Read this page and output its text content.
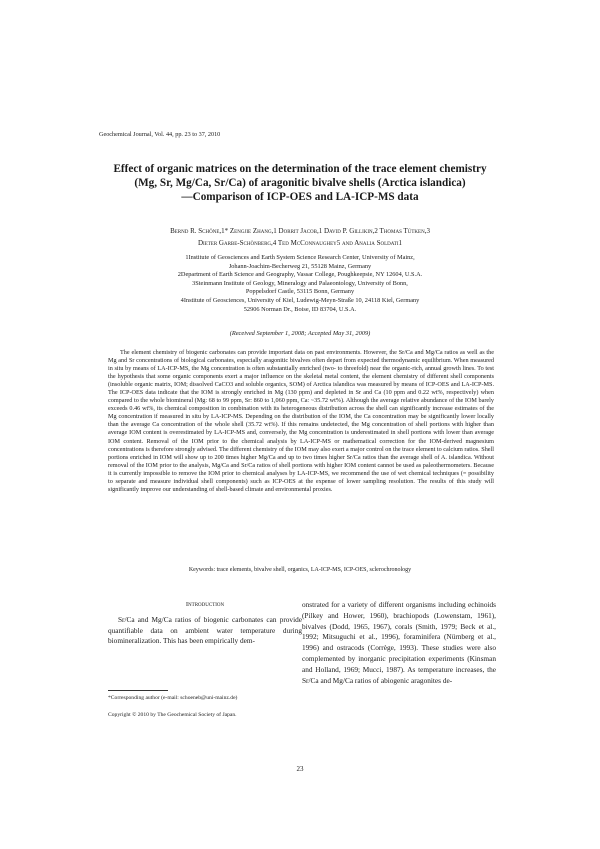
Geochemical Journal, Vol. 44, pp. 23 to 37, 2010
Effect of organic matrices on the determination of the trace element chemistry
(Mg, Sr, Mg/Ca, Sr/Ca) of aragonitic bivalve shells (Arctica islandica)
—Comparison of ICP-OES and LA-ICP-MS data
Bernd R. Schöne,1* Zengjie Zhang,1 Dorrit Jacob,1 David P. Gillikin,2 Thomas Tütken,3
Dieter Garbe-Schönberg,4 Ted McConnaughey5 and Analia Soldati1
1Institute of Geosciences and Earth System Science Research Center, University of Mainz,
Johann-Joachim-Becherweg 21, 55128 Mainz, Germany
2Department of Earth Science and Geography, Vassar College, Poughkeepsie, NY 12604, U.S.A.
3Steinmann Institute of Geology, Mineralogy and Palaeontology, University of Bonn,
Poppelsdorf Castle, 53115 Bonn, Germany
4Institute of Geosciences, University of Kiel, Ludewig-Meyn-Straße 10, 24118 Kiel, Germany
52906 Norman Dr., Boise, ID 83704, U.S.A.
(Received September 1, 2008; Accepted May 31, 2009)
The element chemistry of biogenic carbonates can provide important data on past environments. However, the Sr/Ca and Mg/Ca ratios as well as the Mg and Sr concentrations of biological carbonates, especially aragonitic bivalves often depart from expected thermodynamic equilibrium. When measured in situ by means of LA-ICP-MS, the Mg concentration is often substantially enriched (two- to threefold) near the organic-rich, annual growth lines. To test the hypothesis that some organic components exert a major influence on the skeletal metal content, the element chemistry of different shell components (insoluble organic matrix, IOM; dissolved CaCO3 and soluble organics, SOM) of Arctica islandica was measured by means of ICP-OES and LA-ICP-MS. The ICP-OES data indicate that the IOM is strongly enriched in Mg (130 ppm) and depleted in Sr and Ca (10 ppm and 0.22 wt%, respectively) when compared to the whole biomineral (Mg: 68 to 99 ppm, Sr: 860 to 1,060 ppm, Ca: ~35.72 wt%). Although the average relative abundance of the IOM barely exceeds 0.46 wt%, its chemical composition in combination with its heterogeneous distribution across the shell can significantly increase estimates of the Mg concentration if measured in situ by LA-ICP-MS. Depending on the distribution of the IOM, the Ca concentration may be significantly lower locally than the average Ca concentration of the whole shell (35.72 wt%). If this remains undetected, the Mg concentration of shell portions with higher than average IOM content is overestimated by LA-ICP-MS and, conversely, the Mg concentration is underestimated in shell portions with lower than average IOM content. Removal of the IOM prior to the chemical analysis by LA-ICP-MS or mathematical correction for the IOM-derived magnesium concentrations is therefore strongly advised. The different chemistry of the IOM may also exert a major control on the trace element to calcium ratios. Shell portions enriched in IOM will show up to 200 times higher Mg/Ca and up to two times higher Sr/Ca ratios than the average shell of A. islandica. Without removal of the IOM prior to the analysis, Mg/Ca and Sr/Ca ratios of shell portions with higher IOM content cannot be used as paleothermometers. Because it is currently impossible to remove the IOM prior to chemical analyses by LA-ICP-MS, we recommend the use of wet chemical techniques (= possibility to separate and measure individual shell components) such as ICP-OES at the expense of lower sampling resolution. The results of this study will significantly improve our understanding of shell-based climate and environmental proxies.
Keywords: trace elements, bivalve shell, organics, LA-ICP-MS, ICP-OES, sclerochronology
Introduction
Sr/Ca and Mg/Ca ratios of biogenic carbonates can provide quantifiable data on ambient water temperature during biomineralization. This has been empirically dem-
onstrated for a variety of different organisms including echinoids (Pilkey and Hower, 1960), brachiopods (Lowenstam, 1961), bivalves (Dodd, 1965, 1967), corals (Smith, 1979; Beck et al., 1992; Mitsuguchi et al., 1996), foraminifera (Nürnberg et al., 1996) and ostracods (Corrège, 1993). These studies were also complemented by inorganic precipitation experiments (Kinsman and Holland, 1969; Mucci, 1987). As temperature increases, the Sr/Ca and Mg/Ca ratios of abiogenic aragonites de-
*Corresponding author (e-mail: schoeneb@uni-mainz.de)
Copyright © 2010 by The Geochemical Society of Japan.
23
